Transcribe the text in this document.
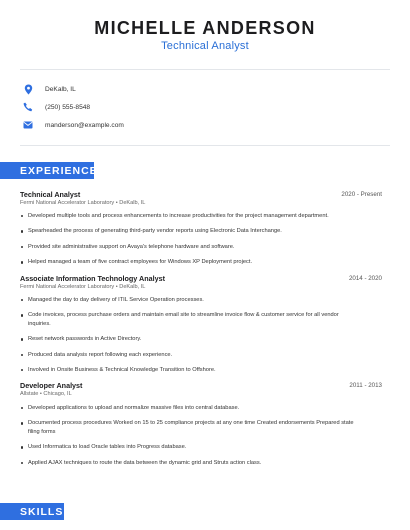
MICHELLE ANDERSON
Technical Analyst
DeKalb, IL
(250) 555-8548
manderson@example.com
EXPERIENCE
Technical Analyst	2020 - Present
Fermi National Accelerator Laboratory • DeKalb, IL
Developed multiple tools and process enhancements to increase productivities for the project management department.
Spearheaded the process of generating third-party vendor reports using Electronic Data Interchange.
Provided site administrative support on Avaya's telephone hardware and software.
Helped managed a team of five contract employees for Windows XP Deployment project.
Associate Information Technology Analyst	2014 - 2020
Fermi National Accelerator Laboratory • DeKalb, IL
Managed the day to day delivery of ITIL Service Operation processes.
Code invoices, process purchase orders and maintain email site to streamline invoice flow & customer service for all vendor inquiries.
Reset network passwords in Active Directory.
Produced data analysis report following each experience.
Involved in Onsite Business & Technical Knowledge Transition to Offshore.
Developer Analyst	2011 - 2013
Allstate • Chicago, IL
Developed applications to upload and normalize massive files into central database.
Documented process procedures Worked on 15 to 25 compliance projects at any one time Created endorsements Prepared state filing forms
Used Informatica to load Oracle tables into Progress database.
Applied AJAX techniques to route the data between the dynamic grid and Struts action class.
SKILLS
